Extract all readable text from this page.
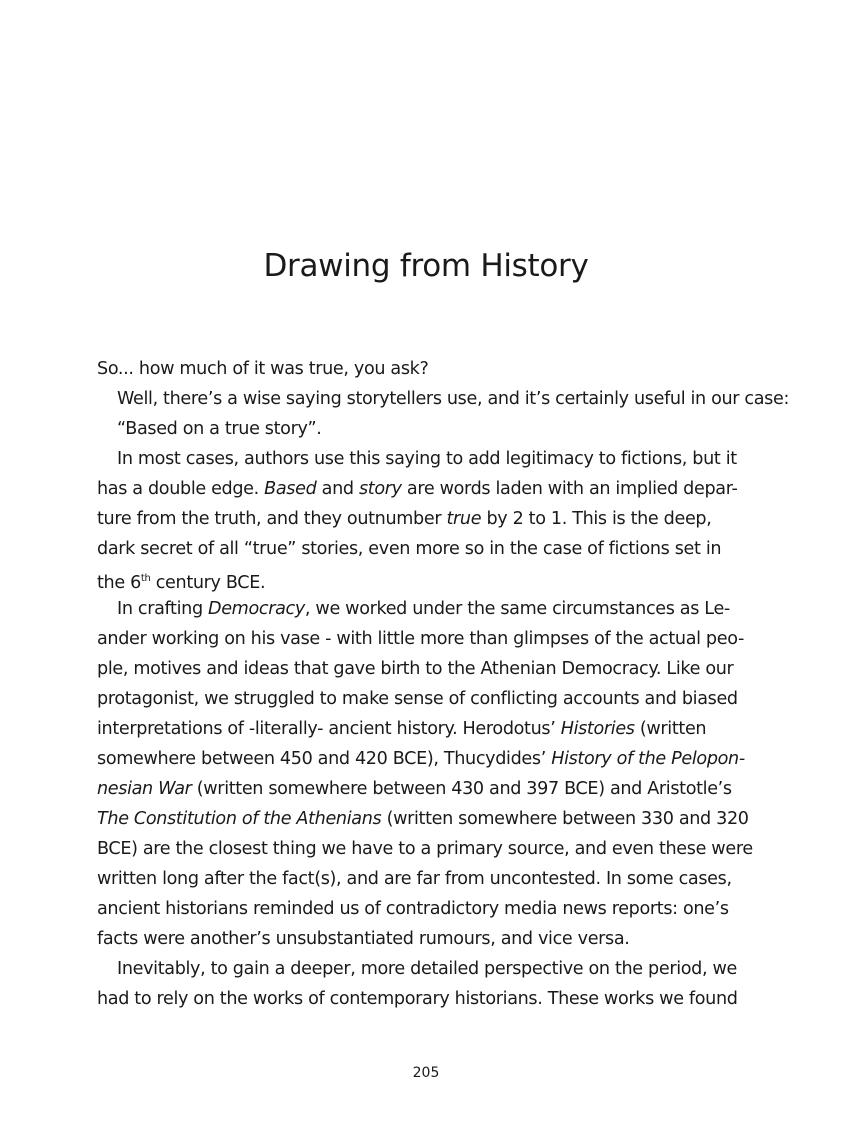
Drawing from History
So... how much of it was true, you ask?
Well, there’s a wise saying storytellers use, and it’s certainly useful in our case:
“Based on a true story”.
In most cases, authors use this saying to add legitimacy to fictions, but it
has a double edge. Based and story are words laden with an implied depar-
ture from the truth, and they outnumber true by 2 to 1. This is the deep,
dark secret of all “true” stories, even more so in the case of fictions set in
the 6th century BCE.
In crafting Democracy, we worked under the same circumstances as Le-
ander working on his vase - with little more than glimpses of the actual peo-
ple, motives and ideas that gave birth to the Athenian Democracy. Like our
protagonist, we struggled to make sense of conflicting accounts and biased
interpretations of -literally- ancient history. Herodotus’ Histories (written
somewhere between 450 and 420 BCE), Thucydides’ History of the Pelopon-
nesian War (written somewhere between 430 and 397 BCE) and Aristotle’s
The Constitution of the Athenians (written somewhere between 330 and 320
BCE) are the closest thing we have to a primary source, and even these were
written long after the fact(s), and are far from uncontested. In some cases,
ancient historians reminded us of contradictory media news reports: one’s
facts were another’s unsubstantiated rumours, and vice versa.
Inevitably, to gain a deeper, more detailed perspective on the period, we
had to rely on the works of contemporary historians. These works we found
205
